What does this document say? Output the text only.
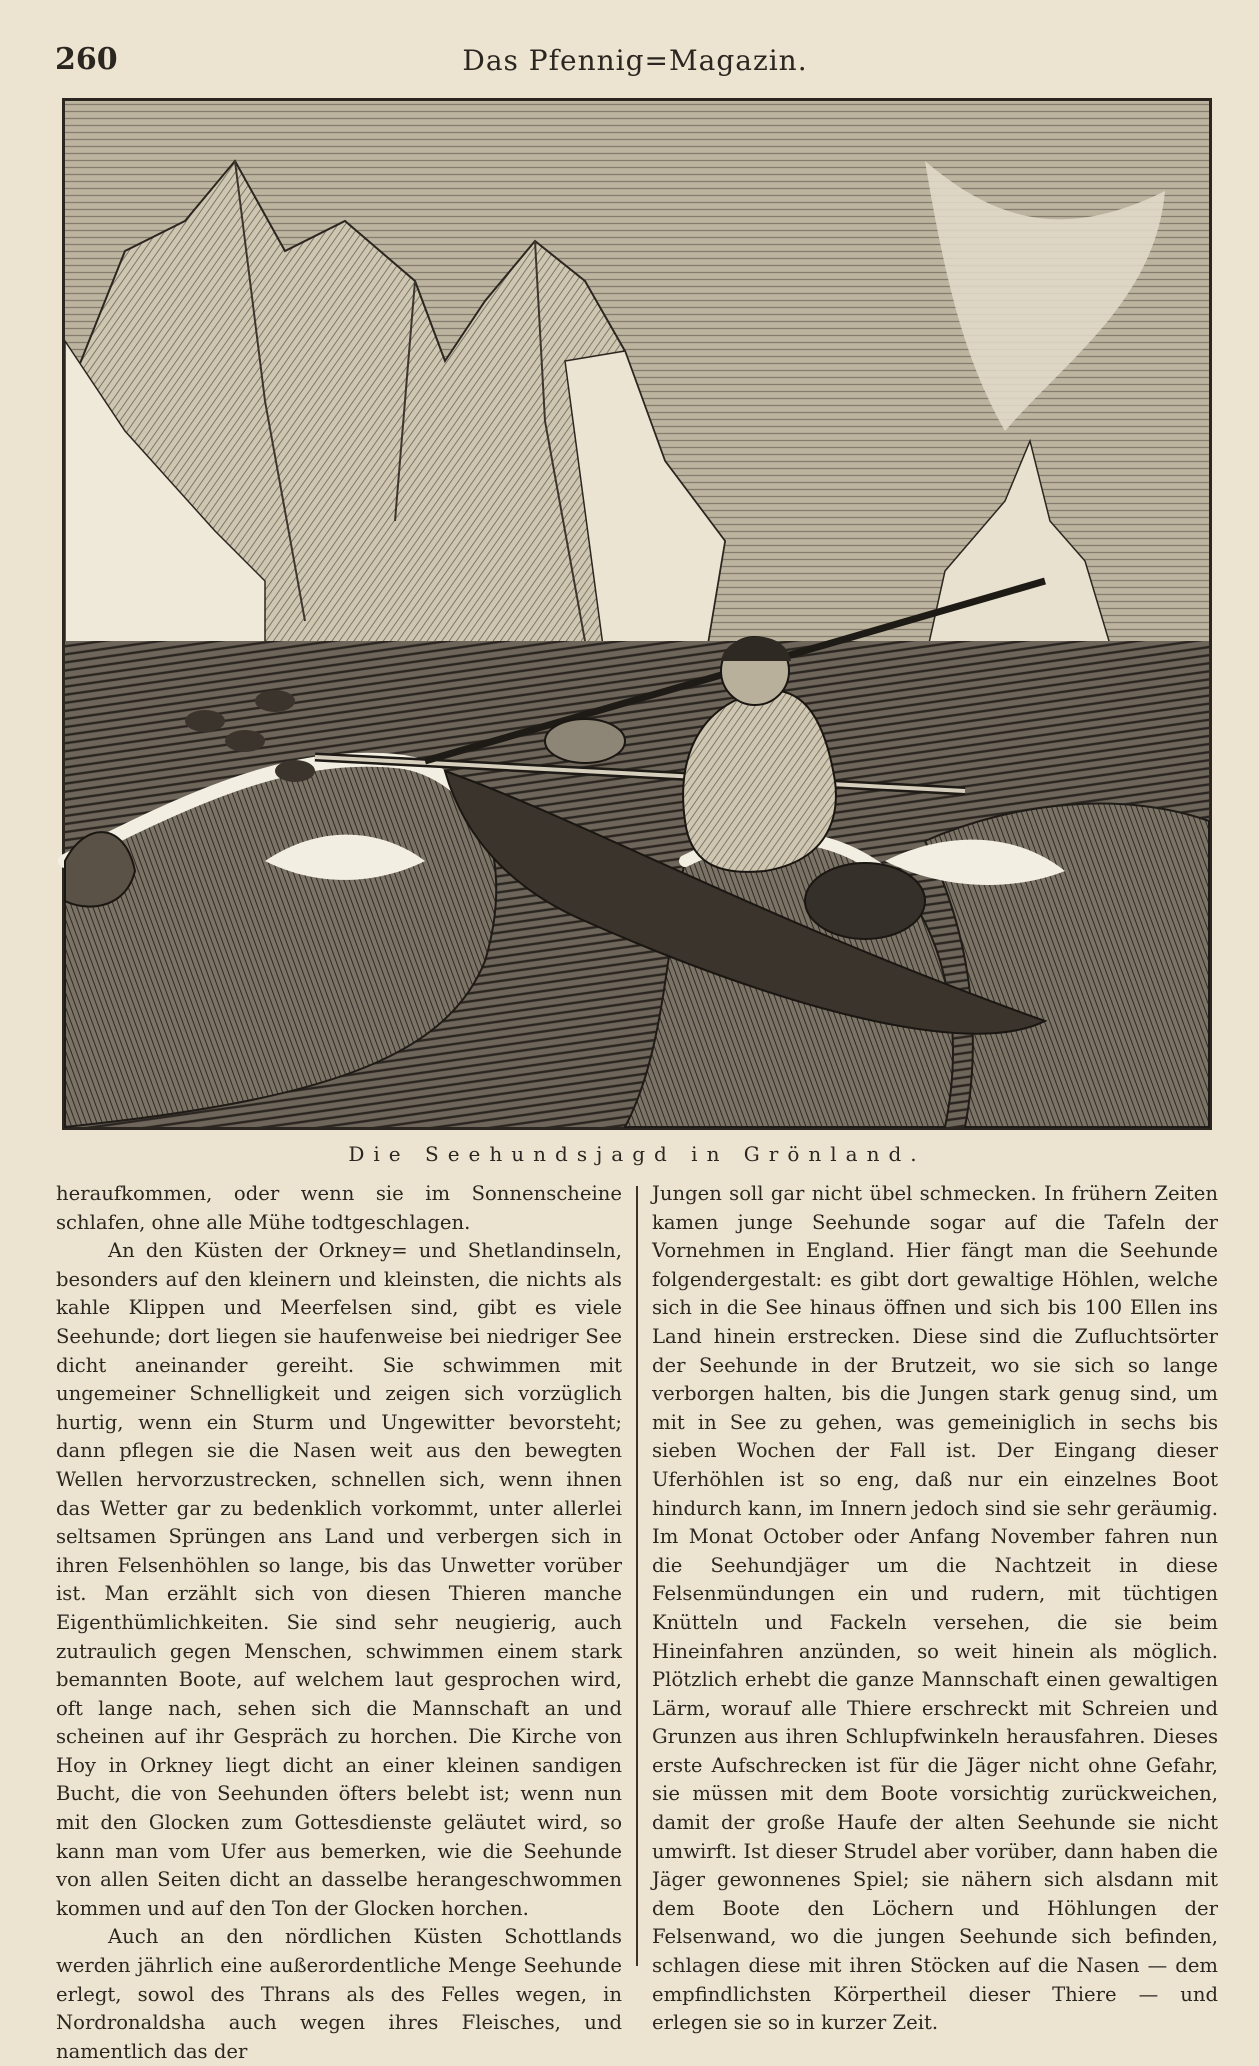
260	Das Pfennig=Magazin.
Die Seehundsjagd in Grönland.

heraufkommen, oder wenn sie im Sonnenscheine schlafen, ohne alle Mühe todtgeschlagen.

An den Küsten der Orkney= und Shetlandinseln, besonders auf den kleinern und kleinsten, die nichts als kahle Klippen und Meerfelsen sind, gibt es viele Seehunde; dort liegen sie haufenweise bei niedriger See dicht aneinander gereiht. Sie schwimmen mit ungemeiner Schnelligkeit und zeigen sich vorzüglich hurtig, wenn ein Sturm und Ungewitter bevorsteht; dann pflegen sie die Nasen weit aus den bewegten Wellen hervorzustrecken, schnellen sich, wenn ihnen das Wetter gar zu bedenklich vorkommt, unter allerlei seltsamen Sprüngen ans Land und verbergen sich in ihren Felsenhöhlen so lange, bis das Unwetter vorüber ist. Man erzählt sich von diesen Thieren manche Eigenthümlichkeiten. Sie sind sehr neugierig, auch zutraulich gegen Menschen, schwimmen einem stark bemannten Boote, auf welchem laut gesprochen wird, oft lange nach, sehen sich die Mannschaft an und scheinen auf ihr Gespräch zu horchen. Die Kirche von Hoy in Orkney liegt dicht an einer kleinen sandigen Bucht, die von Seehunden öfters belebt ist; wenn nun mit den Glocken zum Gottesdienste geläutet wird, so kann man vom Ufer aus bemerken, wie die Seehunde von allen Seiten dicht an dasselbe herangeschwommen kommen und auf den Ton der Glocken horchen.

Auch an den nördlichen Küsten Schottlands werden jährlich eine außerordentliche Menge Seehunde erlegt, sowol des Thrans als des Felles wegen, in Nordronaldsha auch wegen ihres Fleisches, und namentlich das der

Jungen soll gar nicht übel schmecken. In frühern Zeiten kamen junge Seehunde sogar auf die Tafeln der Vornehmen in England. Hier fängt man die Seehunde folgendergestalt: es gibt dort gewaltige Höhlen, welche sich in die See hinaus öffnen und sich bis 100 Ellen ins Land hinein erstrecken. Diese sind die Zufluchtsörter der Seehunde in der Brutzeit, wo sie sich so lange verborgen halten, bis die Jungen stark genug sind, um mit in See zu gehen, was gemeiniglich in sechs bis sieben Wochen der Fall ist. Der Eingang dieser Uferhöhlen ist so eng, daß nur ein einzelnes Boot hindurch kann, im Innern jedoch sind sie sehr geräumig. Im Monat October oder Anfang November fahren nun die Seehundjäger um die Nachtzeit in diese Felsenmündungen ein und rudern, mit tüchtigen Knütteln und Fackeln versehen, die sie beim Hineinfahren anzünden, so weit hinein als möglich. Plötzlich erhebt die ganze Mannschaft einen gewaltigen Lärm, worauf alle Thiere erschreckt mit Schreien und Grunzen aus ihren Schlupfwinkeln herausfahren. Dieses erste Aufschrecken ist für die Jäger nicht ohne Gefahr, sie müssen mit dem Boote vorsichtig zurückweichen, damit der große Haufe der alten Seehunde sie nicht umwirft. Ist dieser Strudel aber vorüber, dann haben die Jäger gewonnenes Spiel; sie nähern sich alsdann mit dem Boote den Löchern und Höhlungen der Felsenwand, wo die jungen Seehunde sich befinden, schlagen diese mit ihren Stöcken auf die Nasen — dem empfindlichsten Körpertheil dieser Thiere — und erlegen sie so in kurzer Zeit.
